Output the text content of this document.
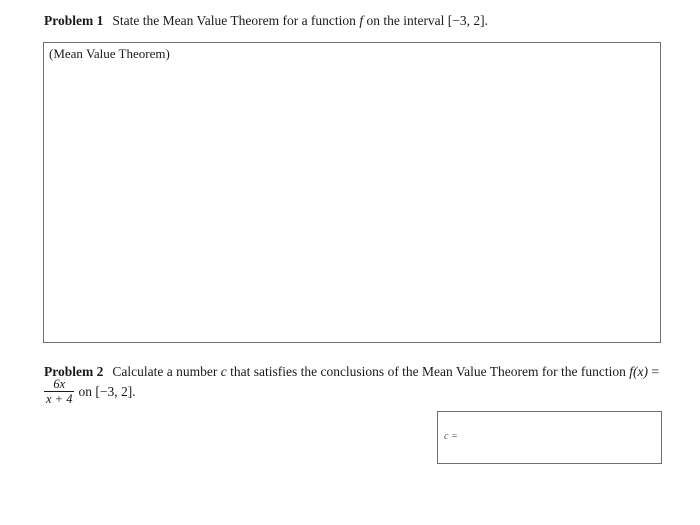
Problem 1 State the Mean Value Theorem for a function f on the interval [−3, 2].
(Mean Value Theorem)
Problem 2 Calculate a number c that satisfies the conclusions of the Mean Value Theorem for the function f(x) =
$\frac{6x}{x + 4}$ on [−3, 2].
c =
